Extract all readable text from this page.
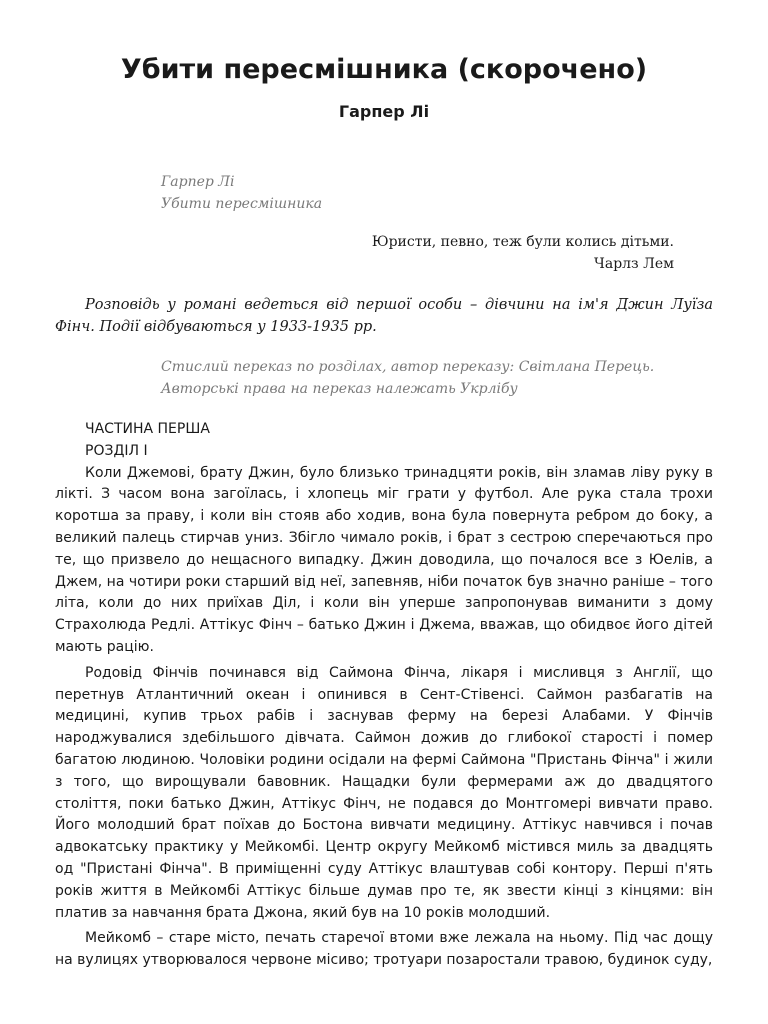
Убити пересмішника (скорочено)
Гарпер Лі
Гарпер Лі
Убити пересмішника
Юристи, певно, теж були колись дітьми.
Чарлз Лем
Розповідь у романі ведеться від першої особи – дівчини на ім'я Джин Луїза Фінч. Події відбуваються у 1933-1935 рр.
Стислий переказ по розділах, автор переказу: Світлана Перець.
Авторські права на переказ належать Укрлібу
ЧАСТИНА ПЕРША
РОЗДІЛ І

Коли Джемові, брату Джин, було близько тринадцяти років, він зламав ліву руку в лікті. З часом вона загоїлась, і хлопець міг грати у футбол. Але рука стала трохи коротша за праву, і коли він стояв або ходив, вона була повернута ребром до боку, а великий палець стирчав униз. Збігло чимало років, і брат з сестрою сперечаються про те, що призвело до нещасного випадку. Джин доводила, що почалося все з Юелів, а Джем, на чотири роки старший від неї, запевняв, ніби початок був значно раніше – того літа, коли до них приїхав Діл, і коли він уперше запропонував виманити з дому Страхолюда Редлі. Аттікус Фінч – батько Джин і Джема, вважав, що обидвоє його дітей мають рацію.

Родовід Фінчів починався від Саймона Фінча, лікаря і мисливця з Англії, що перетнув Атлантичний океан і опинився в Сент-Стівенсі. Саймон разбагатів на медицині, купив трьох рабів і заснував ферму на березі Алабами. У Фінчів народжувалися здебільшого дівчата. Саймон дожив до глибокої старості і помер багатою людиною. Чоловіки родини осідали на фермі Саймона "Пристань Фінча" і жили з того, що вирощували бавовник. Нащадки були фермерами аж до двадцятого століття, поки батько Джин, Аттікус Фінч, не подався до Монтгомері вивчати право. Його молодший брат поїхав до Бостона вивчати медицину. Аттікус навчився і почав адвокатську практику у Мейкомбі. Центр округу Мейкомб містився миль за двадцять од "Пристані Фінча". В приміщенні суду Аттікус влаштував собі контору. Перші п'ять років життя в Мейкомбі Аттікус більше думав про те, як звести кінці з кінцями: він платив за навчання брата Джона, який був на 10 років молодший.

Мейкомб – старе місто, печать старечої втоми вже лежала на ньому. Під час дощу на вулицях утворювалося червоне місиво; тротуари позаростали травою, будинок суду,
